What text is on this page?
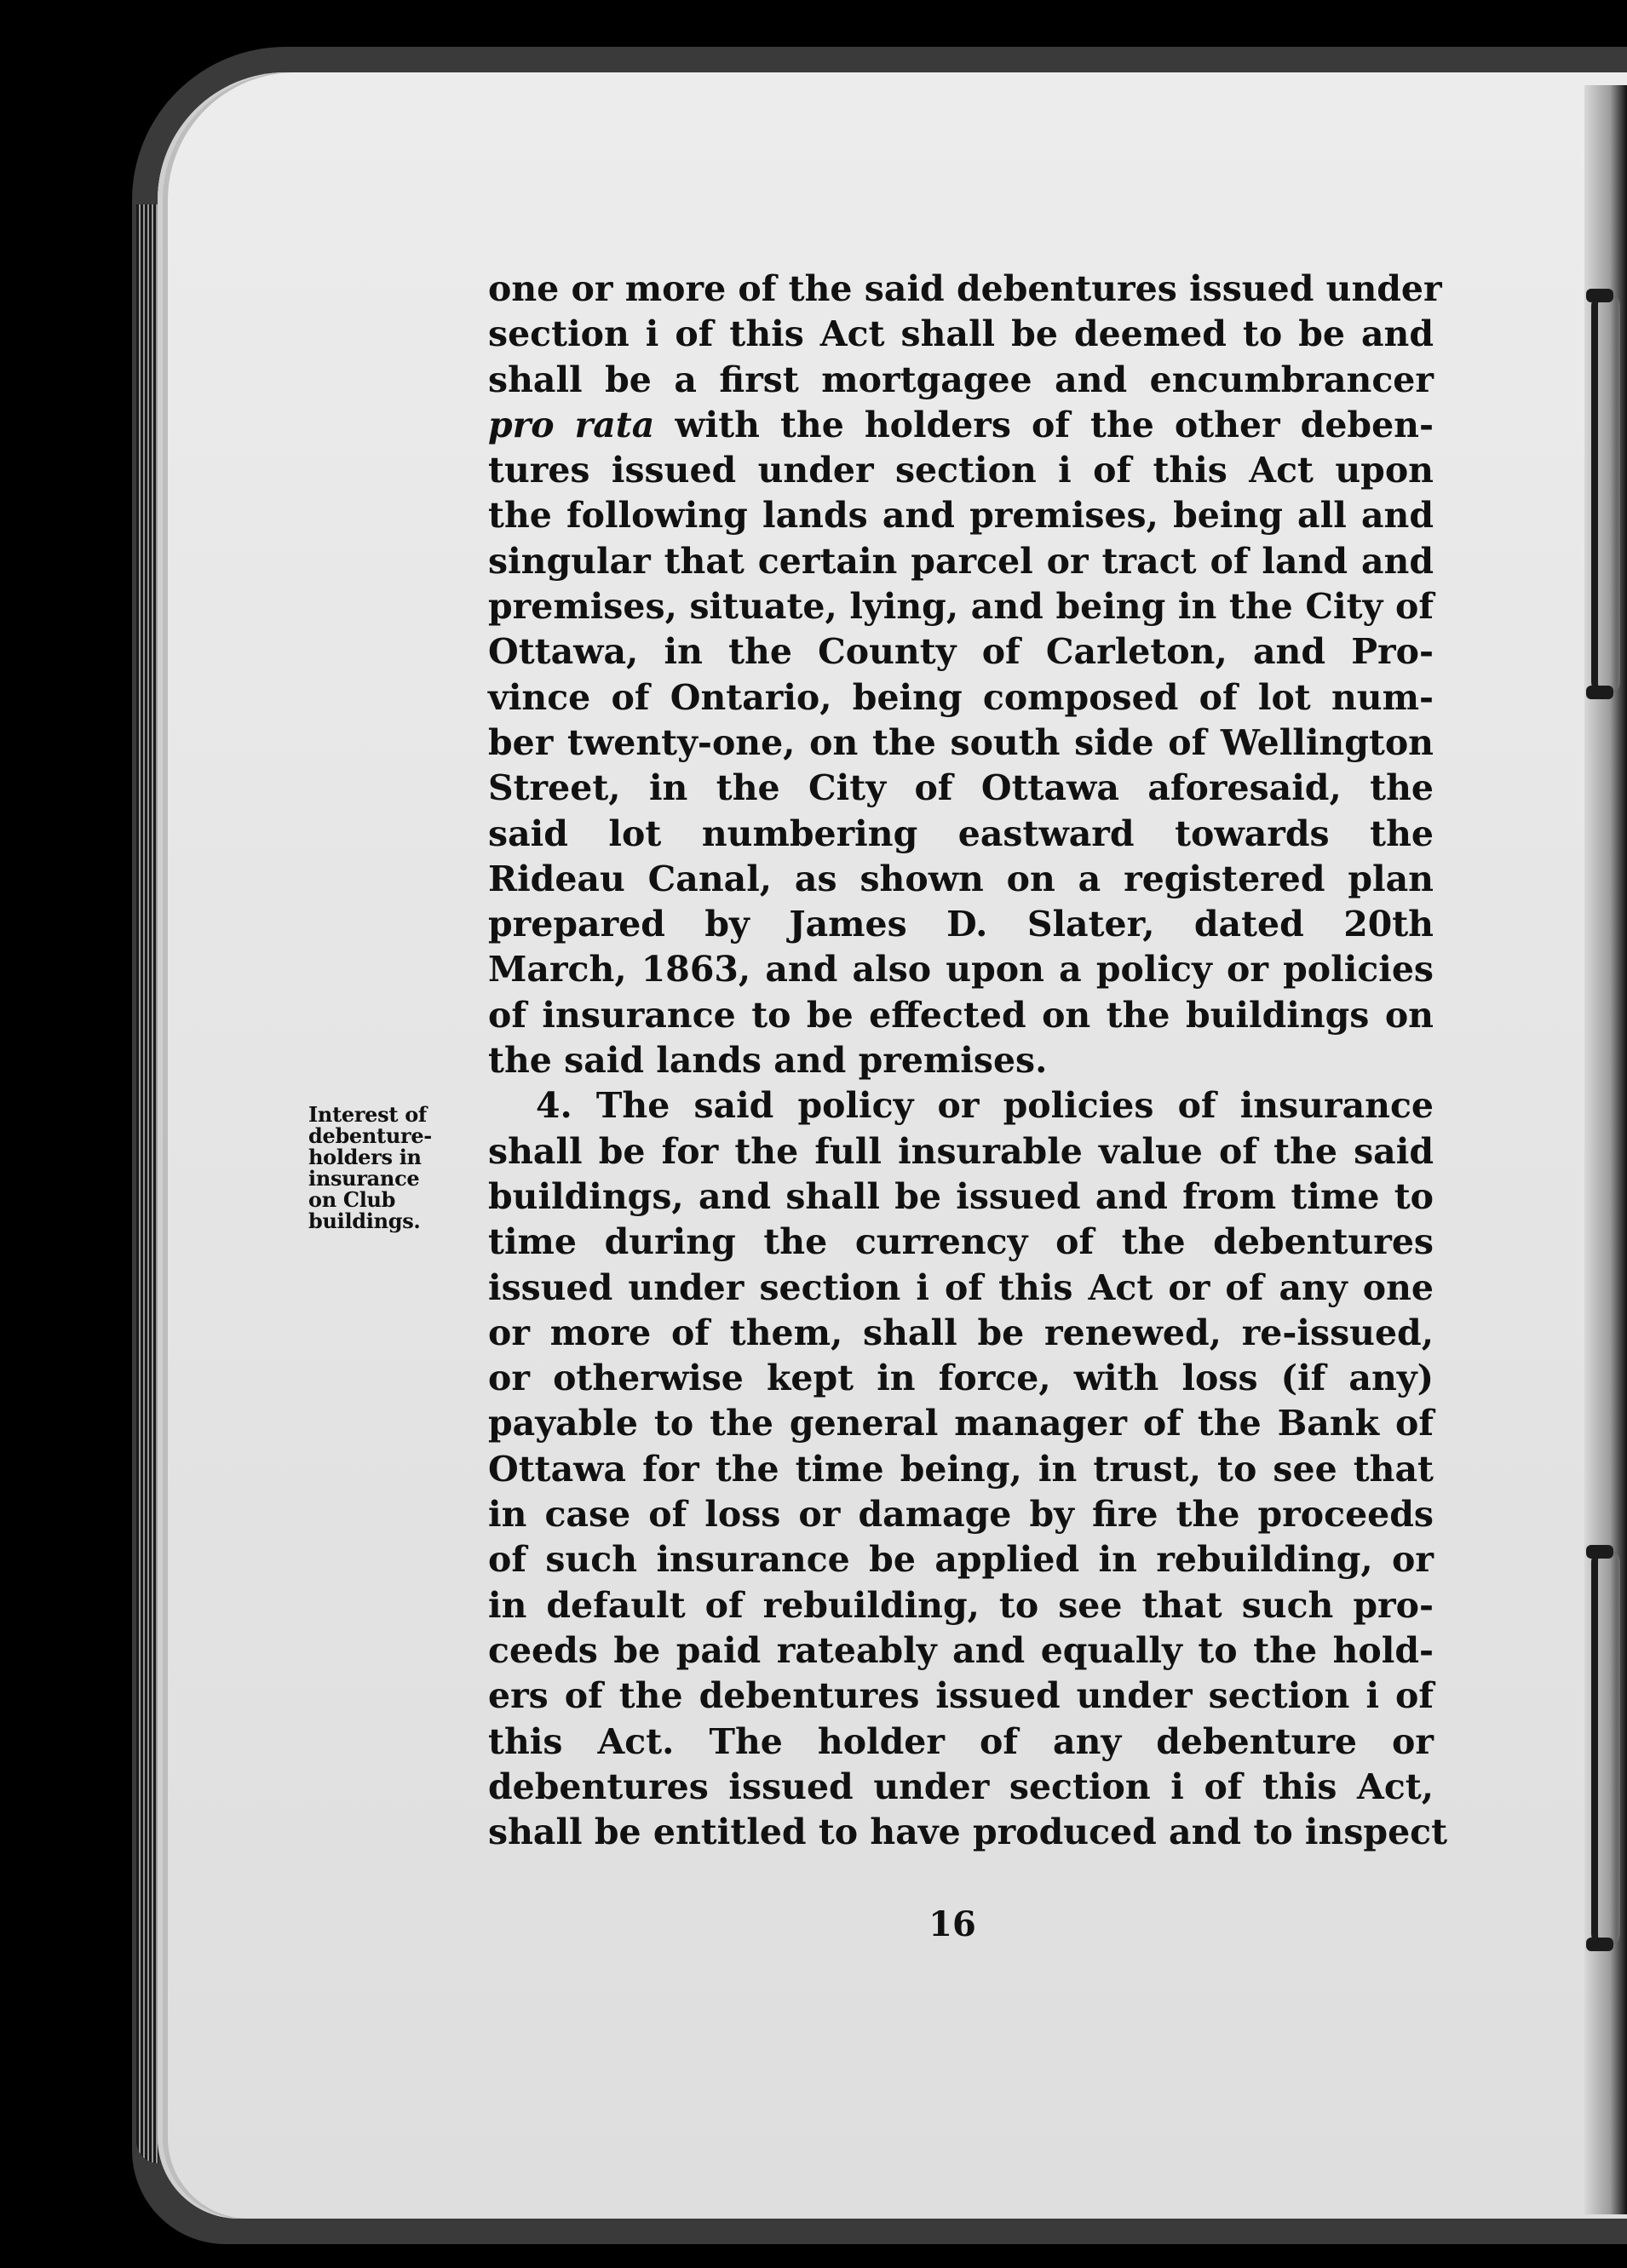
one or more of the said debentures issued under
section i of this Act shall be deemed to be and
shall be a first mortgagee and encumbrancer
pro rata with the holders of the other deben-
tures issued under section i of this Act upon
the following lands and premises, being all and
singular that certain parcel or tract of land and
premises, situate, lying, and being in the City of
Ottawa, in the County of Carleton, and Pro-
vince of Ontario, being composed of lot num-
ber twenty-one, on the south side of Wellington
Street, in the City of Ottawa aforesaid, the
said lot numbering eastward towards the
Rideau Canal, as shown on a registered plan
prepared by James D. Slater, dated 20th
March, 1863, and also upon a policy or policies
of insurance to be effected on the buildings on
the said lands and premises.
4. The said policy or policies of insurance
shall be for the full insurable value of the said
buildings, and shall be issued and from time to
time during the currency of the debentures
issued under section i of this Act or of any one
or more of them, shall be renewed, re-issued,
or otherwise kept in force, with loss (if any)
payable to the general manager of the Bank of
Ottawa for the time being, in trust, to see that
in case of loss or damage by fire the proceeds
of such insurance be applied in rebuilding, or
in default of rebuilding, to see that such pro-
ceeds be paid rateably and equally to the hold-
ers of the debentures issued under section i of
this Act. The holder of any debenture or
debentures issued under section i of this Act,
shall be entitled to have produced and to inspect
Interest of
debenture-
holders in
insurance
on Club
buildings.
16
